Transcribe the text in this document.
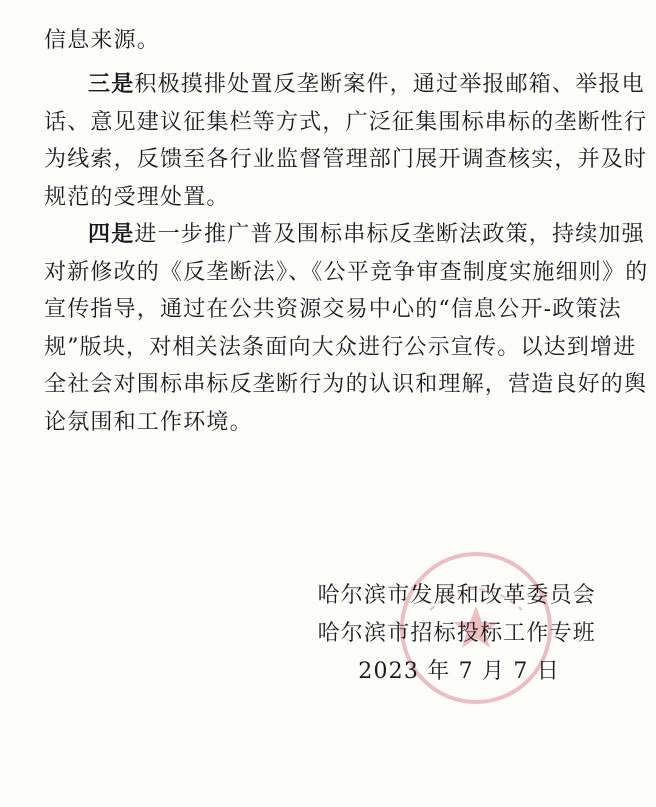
信息来源。
三是积极摸排处置反垄断案件，通过举报邮箱、举报电
话、意见建议征集栏等方式，广泛征集围标串标的垄断性行
为线索，反馈至各行业监督管理部门展开调查核实，并及时
规范的受理处置。
四是进一步推广普及围标串标反垄断法政策，持续加强
对新修改的《反垄断法》、《公平竞争审查制度实施细则》的
宣传指导，通过在公共资源交易中心的“信息公开-政策法
规”版块，对相关法条面向大众进行公示宣传。以达到增进
全社会对围标串标反垄断行为的认识和理解，营造良好的舆
论氛围和工作环境。
哈尔滨市发展和改革委员会
哈尔滨市招标投标工作专班
2023 年 7 月 7 日
